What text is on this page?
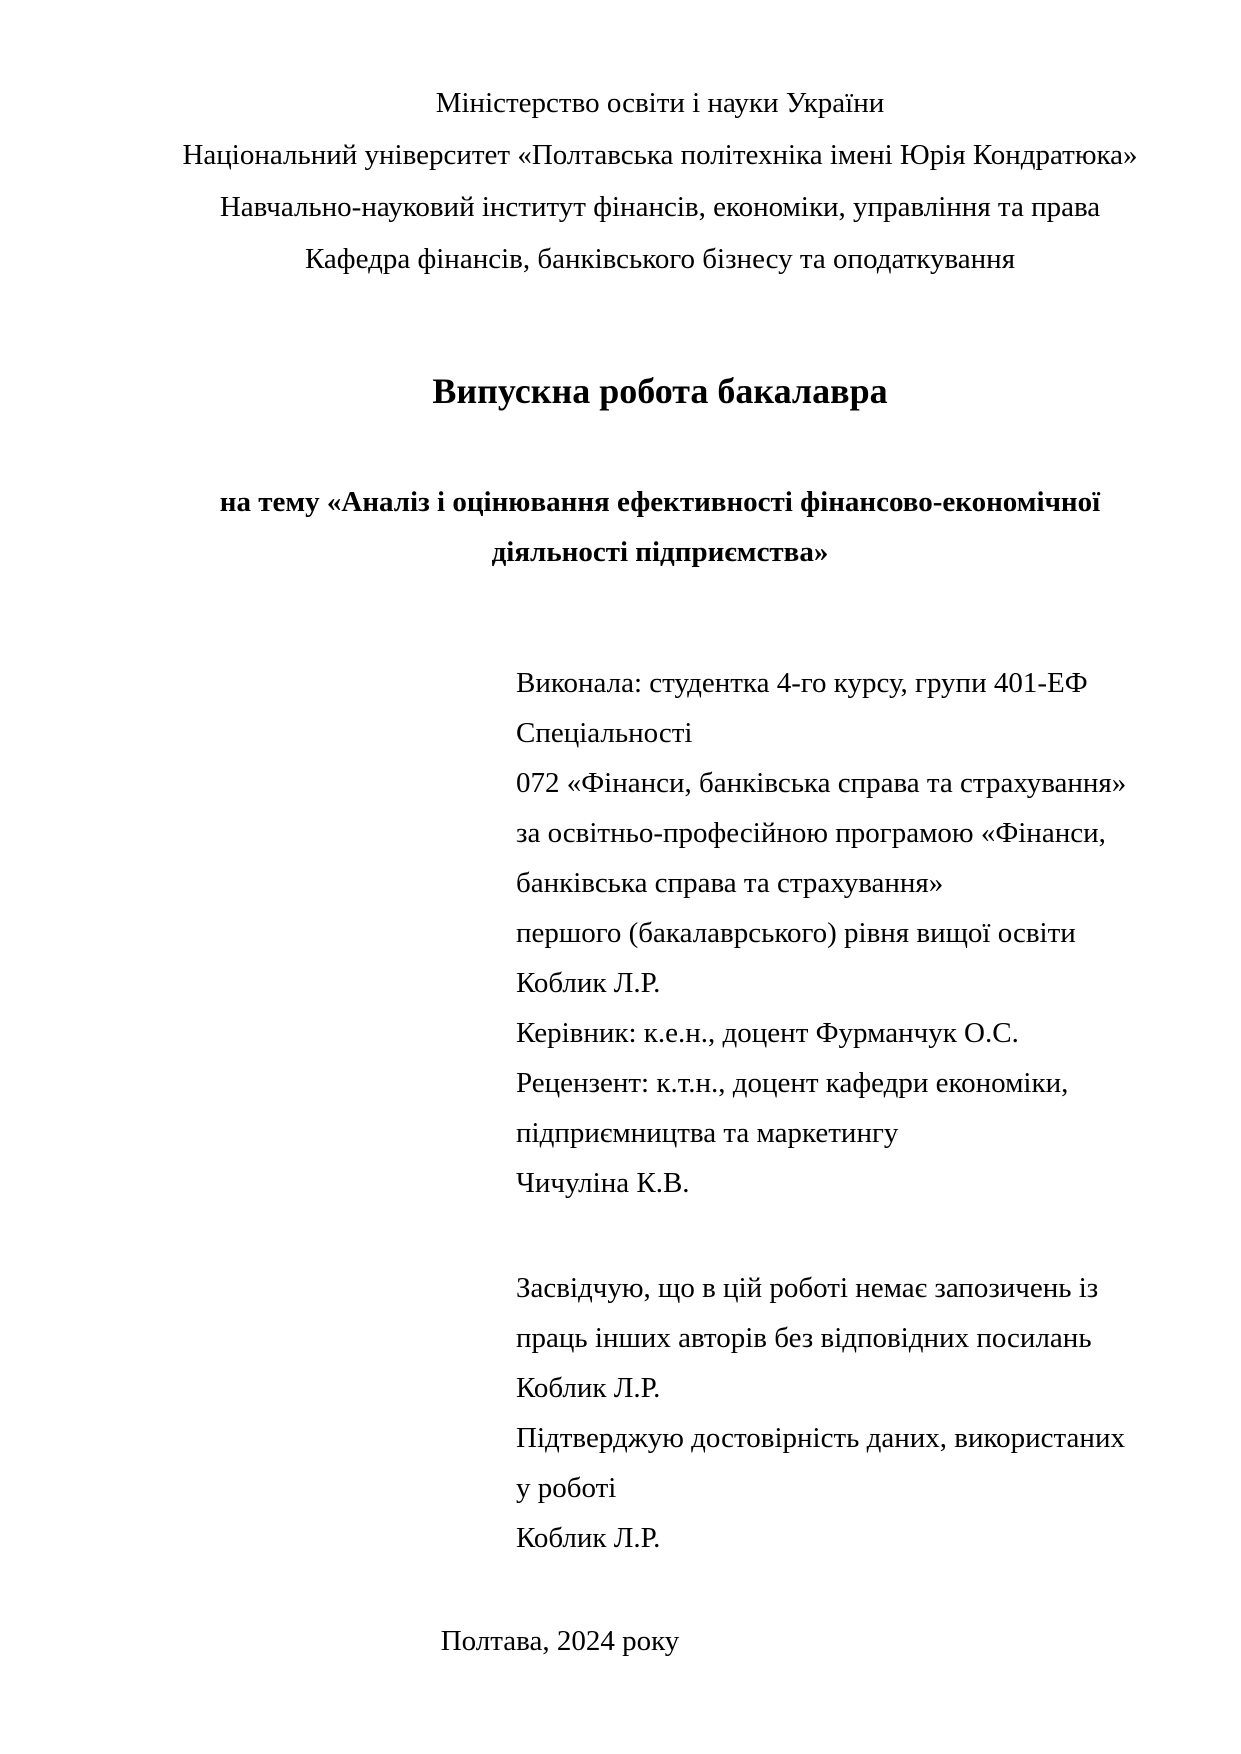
Міністерство освіти і науки України
Національний університет «Полтавська політехніка імені Юрія Кондратюка»
Навчально-науковий інститут фінансів, економіки, управління та права
Кафедра фінансів, банківського бізнесу та оподаткування
Випускна робота бакалавра
на тему «Аналіз і оцінювання ефективності фінансово-економічної
діяльності підприємства»
Виконала: студентка 4-го курсу, групи 401-ЕФ
Спеціальності
072 «Фінанси, банківська справа та страхування»
за освітньо-професійною програмою «Фінанси,
банківська справа та страхування»
першого (бакалаврського) рівня вищої освіти
Коблик Л.Р.
Керівник: к.е.н., доцент Фурманчук О.С.
Рецензент: к.т.н., доцент кафедри економіки,
підприємництва та маркетингу
Чичуліна К.В.
Засвідчую, що в цій роботі немає запозичень із
праць інших авторів без відповідних посилань
Коблик Л.Р.
Підтверджую достовірність даних, використаних
у роботі
Коблик Л.Р.
Полтава, 2024 року
